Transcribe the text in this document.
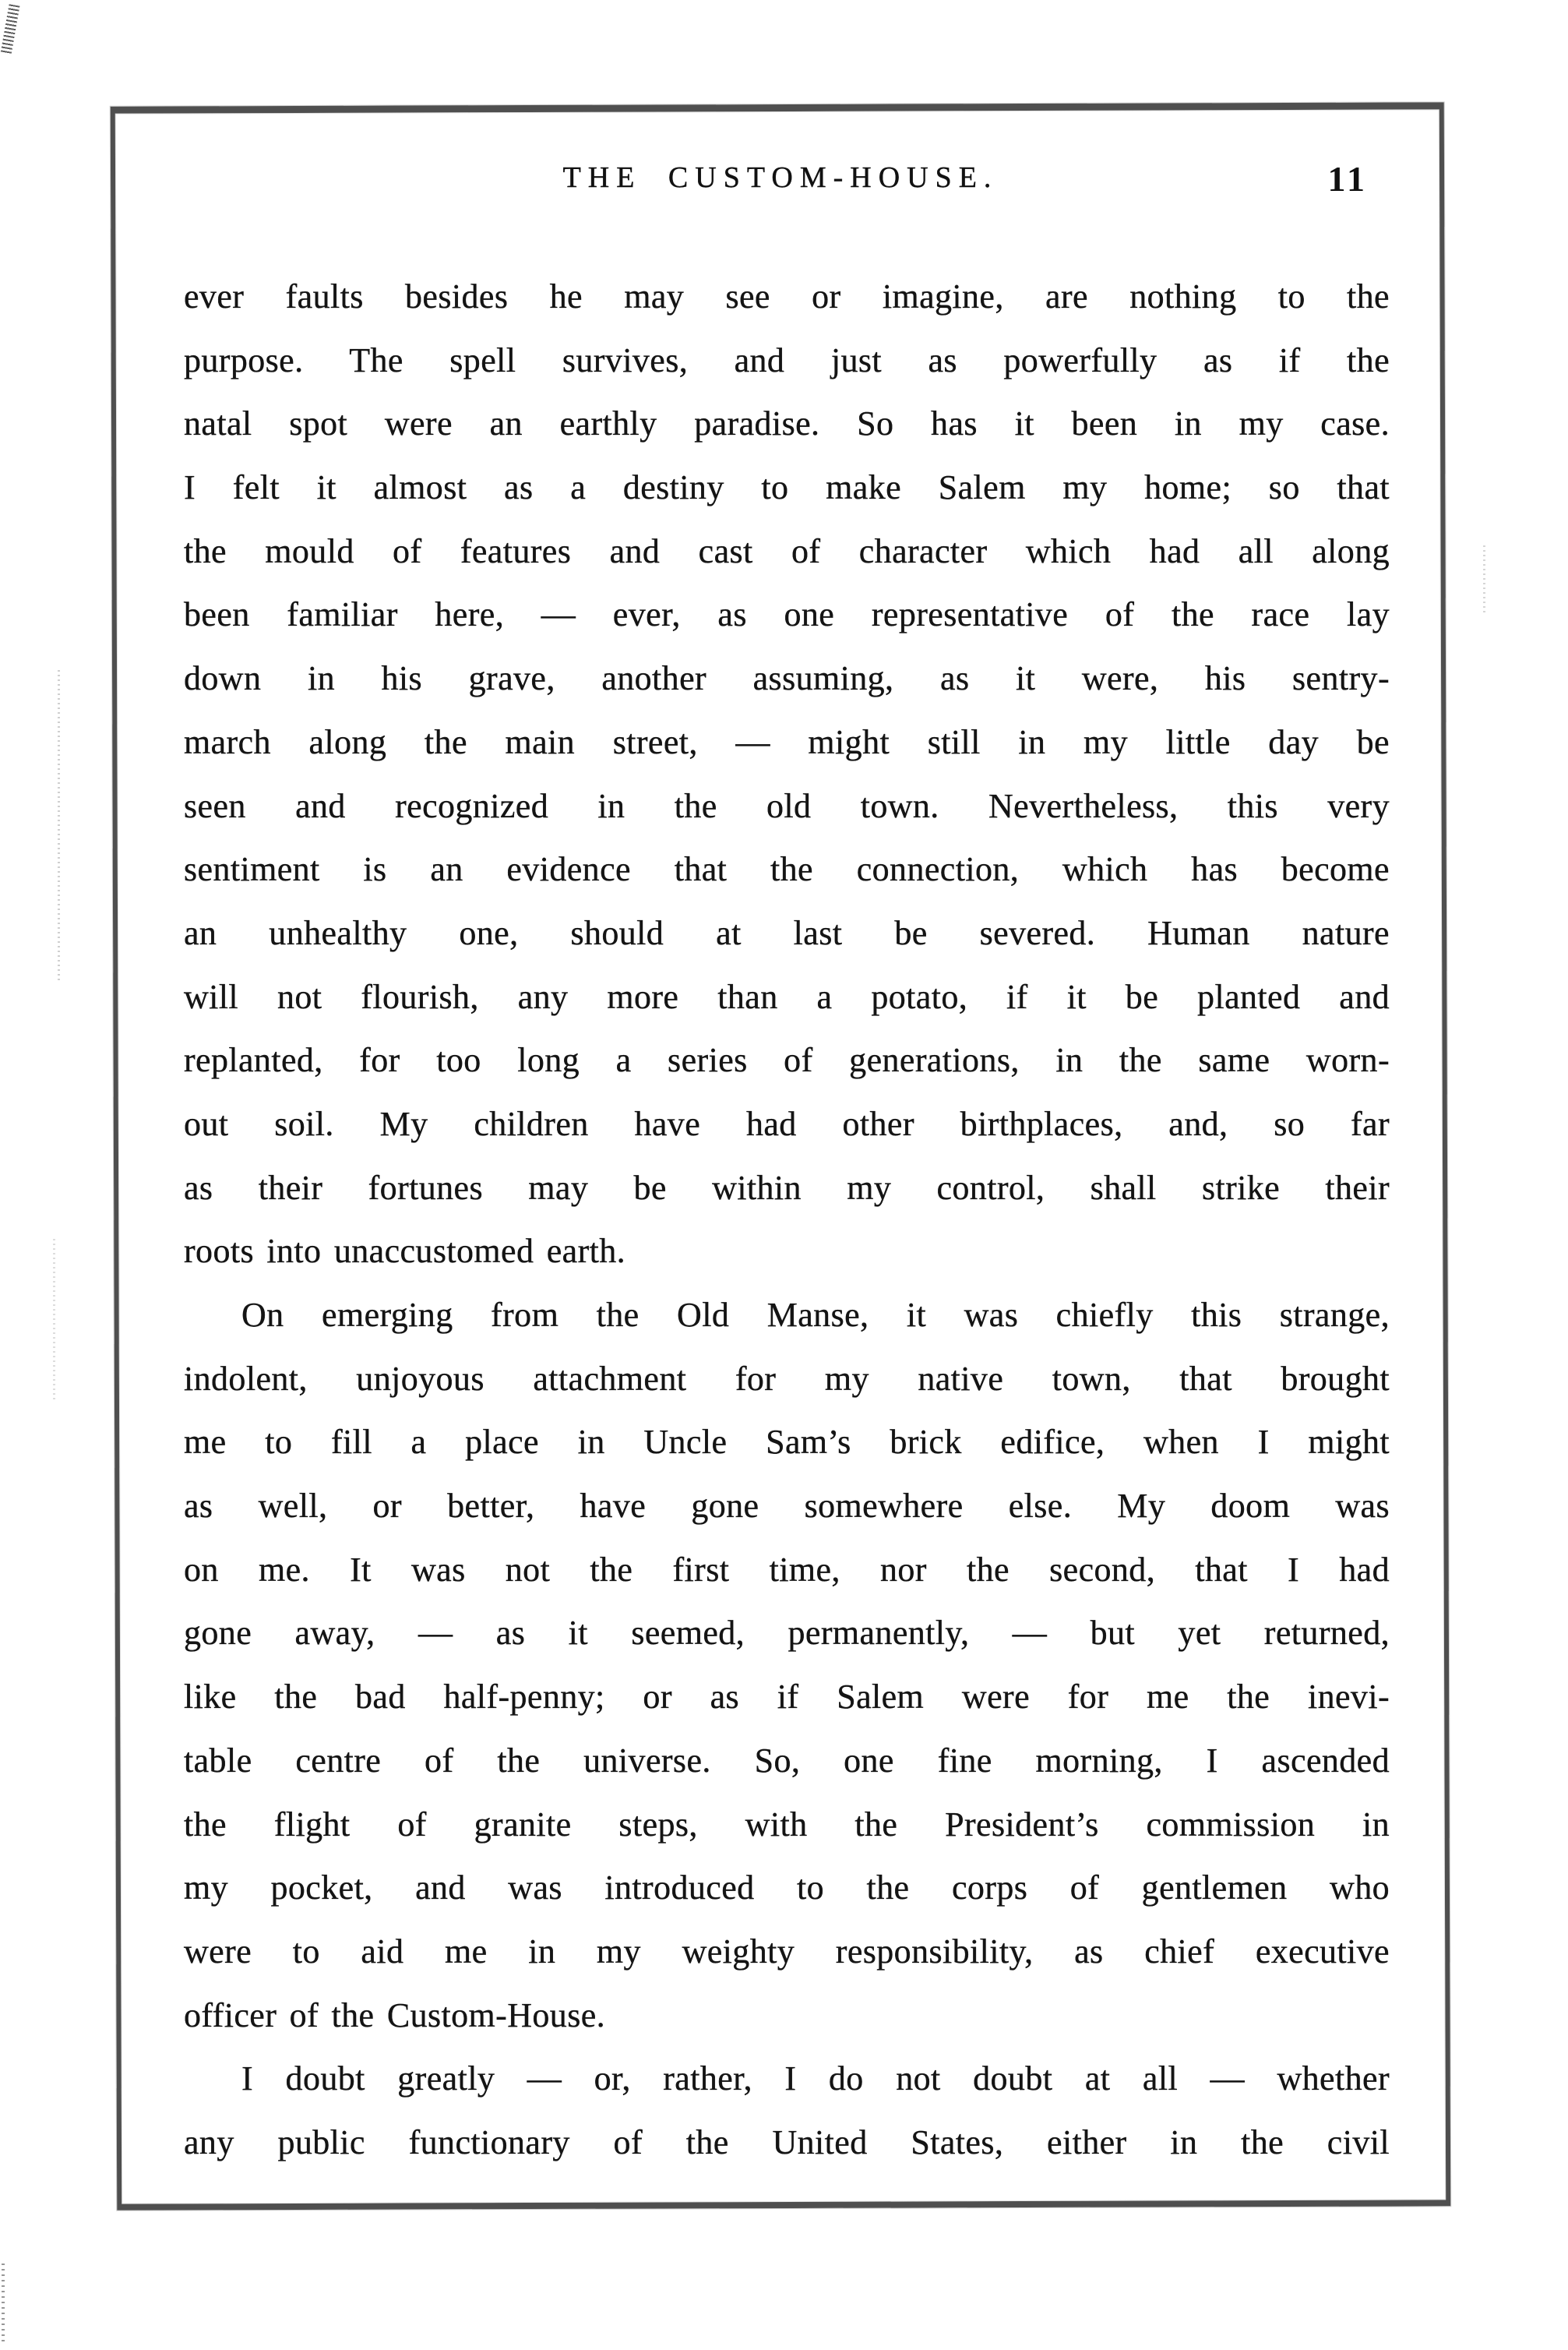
THE CUSTOM-HOUSE.	11
ever faults besides he may see or imagine, are nothing to the
purpose. The spell survives, and just as powerfully as if the
natal spot were an earthly paradise. So has it been in my case.
I felt it almost as a destiny to make Salem my home; so that
the mould of features and cast of character which had all along
been familiar here, — ever, as one representative of the race lay
down in his grave, another assuming, as it were, his sentry-
march along the main street, — might still in my little day be
seen and recognized in the old town. Nevertheless, this very
sentiment is an evidence that the connection, which has become
an unhealthy one, should at last be severed. Human nature
will not flourish, any more than a potato, if it be planted and
replanted, for too long a series of generations, in the same worn-
out soil. My children have had other birthplaces, and, so far
as their fortunes may be within my control, shall strike their
roots into unaccustomed earth.
On emerging from the Old Manse, it was chiefly this strange,
indolent, unjoyous attachment for my native town, that brought
me to fill a place in Uncle Sam’s brick edifice, when I might
as well, or better, have gone somewhere else. My doom was
on me. It was not the first time, nor the second, that I had
gone away, — as it seemed, permanently, — but yet returned,
like the bad half-penny; or as if Salem were for me the inevi-
table centre of the universe. So, one fine morning, I ascended
the flight of granite steps, with the President’s commission in
my pocket, and was introduced to the corps of gentlemen who
were to aid me in my weighty responsibility, as chief executive
officer of the Custom-House.
I doubt greatly — or, rather, I do not doubt at all — whether
any public functionary of the United States, either in the civil
